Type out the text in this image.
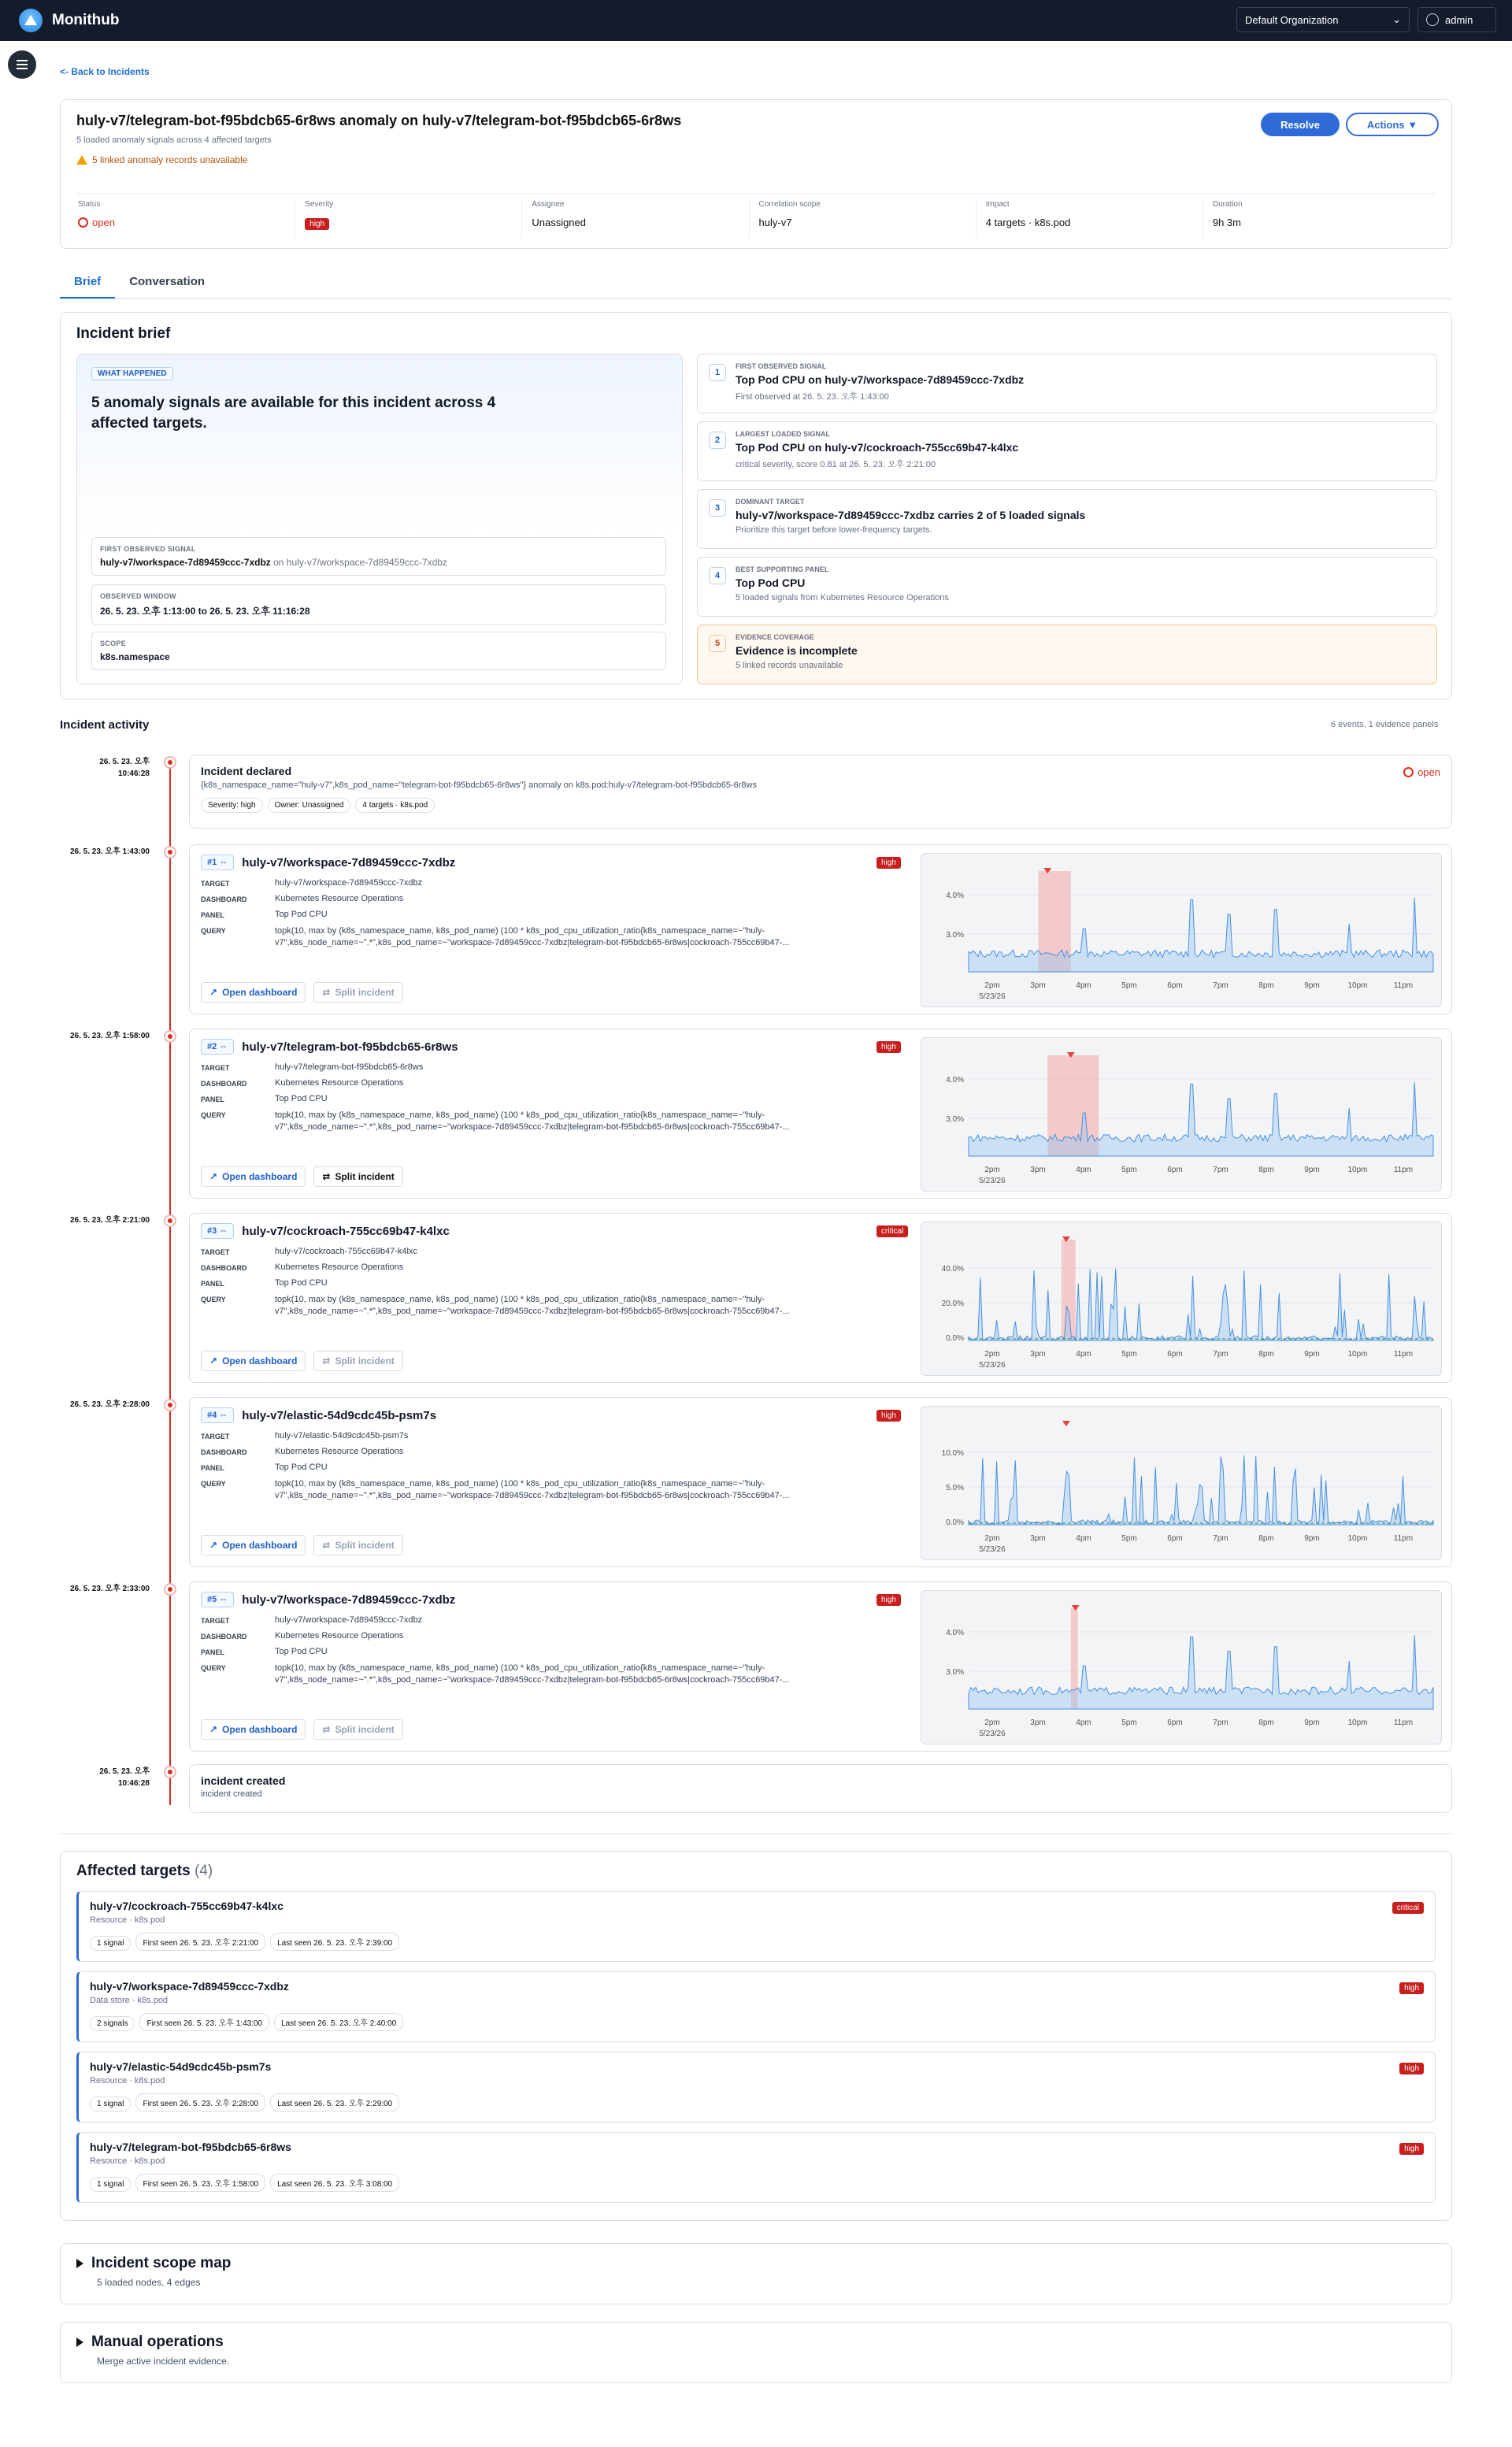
Monithub	Default Organization	⌄	admin
<- Back to Incidents
huly-v7/telegram-bot-f95bdcb65-6r8ws anomaly on huly-v7/telegram-bot-f95bdcb65-6r8ws
5 loaded anomaly signals across 4 affected targets
5 linked anomaly records unavailable
Resolve	Actions ▼
Status
open
Severity
high
Assignee
Unassigned
Correlation scope
huly-v7
Impact
4 targets · k8s.pod
Duration
9h 3m
Brief	Conversation
Incident brief
WHAT HAPPENED
5 anomaly signals are available for this incident across 4 affected targets.
FIRST OBSERVED SIGNAL
huly-v7/workspace-7d89459ccc-7xdbz on huly-v7/workspace-7d89459ccc-7xdbz
OBSERVED WINDOW
26. 5. 23. 오후 1:13:00 to 26. 5. 23. 오후 11:16:28
SCOPE
k8s.namespace
1
FIRST OBSERVED SIGNAL
Top Pod CPU on huly-v7/workspace-7d89459ccc-7xdbz
First observed at 26. 5. 23. 오후 1:43:00
2
LARGEST LOADED SIGNAL
Top Pod CPU on huly-v7/cockroach-755cc69b47-k4lxc
critical severity, score 0.81 at 26. 5. 23. 오후 2:21:00
3
DOMINANT TARGET
huly-v7/workspace-7d89459ccc-7xdbz carries 2 of 5 loaded signals
Prioritize this target before lower-frequency targets.
4
BEST SUPPORTING PANEL
Top Pod CPU
5 loaded signals from Kubernetes Resource Operations
5
EVIDENCE COVERAGE
Evidence is incomplete
5 linked records unavailable
Incident activity	6 events, 1 evidence panels
26. 5. 23. 오후
10:46:28	Incident declared
{k8s_namespace_name="huly-v7",k8s_pod_name="telegram-bot-f95bdcb65-6r8ws"} anomaly on k8s.pod:huly-v7/telegram-bot-f95bdcb65-6r8ws
Severity: high Owner: Unassigned 4 targets · k8s.pod
open
26. 5. 23. 오후 1:43:00
#1 ⇔	huly-v7/workspace-7d89459ccc-7xdbz	high
TARGET	huly-v7/workspace-7d89459ccc-7xdbz
DASHBOARD	Kubernetes Resource Operations
PANEL	Top Pod CPU
QUERY	topk(10, max by (k8s_namespace_name, k8s_pod_name) (100 * k8s_pod_cpu_utilization_ratio{k8s_namespace_name=~"huly-v7",k8s_node_name=~".*",k8s_pod_name=~"workspace-7d89459ccc-7xdbz|telegram-bot-f95bdcb65-6r8ws|cockroach-755cc69b47-...
↗ Open dashboard	⇄ Split incident
4.0%
3.0%
2pm	3pm	4pm	5pm	6pm	7pm	8pm	9pm	10pm	11pm
5/23/26
26. 5. 23. 오후 1:58:00
#2 ⇔	huly-v7/telegram-bot-f95bdcb65-6r8ws	high
TARGET	huly-v7/telegram-bot-f95bdcb65-6r8ws
DASHBOARD	Kubernetes Resource Operations
PANEL	Top Pod CPU
QUERY	topk(10, max by (k8s_namespace_name, k8s_pod_name) (100 * k8s_pod_cpu_utilization_ratio{k8s_namespace_name=~"huly-v7",k8s_node_name=~".*",k8s_pod_name=~"workspace-7d89459ccc-7xdbz|telegram-bot-f95bdcb65-6r8ws|cockroach-755cc69b47-...
↗ Open dashboard	⇄ Split incident
4.0%
3.0%
2pm	3pm	4pm	5pm	6pm	7pm	8pm	9pm	10pm	11pm
5/23/26
26. 5. 23. 오후 2:21:00
#3 ⇔	huly-v7/cockroach-755cc69b47-k4lxc	critical
TARGET	huly-v7/cockroach-755cc69b47-k4lxc
DASHBOARD	Kubernetes Resource Operations
PANEL	Top Pod CPU
QUERY	topk(10, max by (k8s_namespace_name, k8s_pod_name) (100 * k8s_pod_cpu_utilization_ratio{k8s_namespace_name=~"huly-v7",k8s_node_name=~".*",k8s_pod_name=~"workspace-7d89459ccc-7xdbz|telegram-bot-f95bdcb65-6r8ws|cockroach-755cc69b47-...
↗ Open dashboard	⇄ Split incident
40.0%
20.0%
0.0%
2pm	3pm	4pm	5pm	6pm	7pm	8pm	9pm	10pm	11pm
5/23/26
26. 5. 23. 오후 2:28:00
#4 ⇔	huly-v7/elastic-54d9cdc45b-psm7s	high
TARGET	huly-v7/elastic-54d9cdc45b-psm7s
DASHBOARD	Kubernetes Resource Operations
PANEL	Top Pod CPU
QUERY	topk(10, max by (k8s_namespace_name, k8s_pod_name) (100 * k8s_pod_cpu_utilization_ratio{k8s_namespace_name=~"huly-v7",k8s_node_name=~".*",k8s_pod_name=~"workspace-7d89459ccc-7xdbz|telegram-bot-f95bdcb65-6r8ws|cockroach-755cc69b47-...
↗ Open dashboard	⇄ Split incident
10.0%
5.0%
0.0%
2pm	3pm	4pm	5pm	6pm	7pm	8pm	9pm	10pm	11pm
5/23/26
26. 5. 23. 오후 2:33:00
#5 ⇔	huly-v7/workspace-7d89459ccc-7xdbz	high
TARGET	huly-v7/workspace-7d89459ccc-7xdbz
DASHBOARD	Kubernetes Resource Operations
PANEL	Top Pod CPU
QUERY	topk(10, max by (k8s_namespace_name, k8s_pod_name) (100 * k8s_pod_cpu_utilization_ratio{k8s_namespace_name=~"huly-v7",k8s_node_name=~".*",k8s_pod_name=~"workspace-7d89459ccc-7xdbz|telegram-bot-f95bdcb65-6r8ws|cockroach-755cc69b47-...
↗ Open dashboard	⇄ Split incident
4.0%
3.0%
2pm	3pm	4pm	5pm	6pm	7pm	8pm	9pm	10pm	11pm
5/23/26
26. 5. 23. 오후
10:46:28	incident created

incident created

Affected targets (4)
huly-v7/cockroach-755cc69b47-k4lxc
Resource · k8s.pod
critical
1 signal First seen 26. 5. 23. 오후 2:21:00 Last seen 26. 5. 23. 오후 2:39:00
huly-v7/workspace-7d89459ccc-7xdbz
Data store · k8s.pod
high
2 signals First seen 26. 5. 23. 오후 1:43:00 Last seen 26. 5. 23. 오후 2:40:00
huly-v7/elastic-54d9cdc45b-psm7s
Resource · k8s.pod
high
1 signal First seen 26. 5. 23. 오후 2:28:00 Last seen 26. 5. 23. 오후 2:29:00
huly-v7/telegram-bot-f95bdcb65-6r8ws
Resource · k8s.pod
high
1 signal First seen 26. 5. 23. 오후 1:58:00 Last seen 26. 5. 23. 오후 3:08:00
Incident scope map

5 loaded nodes, 4 edges

Manual operations

Merge active incident evidence.
